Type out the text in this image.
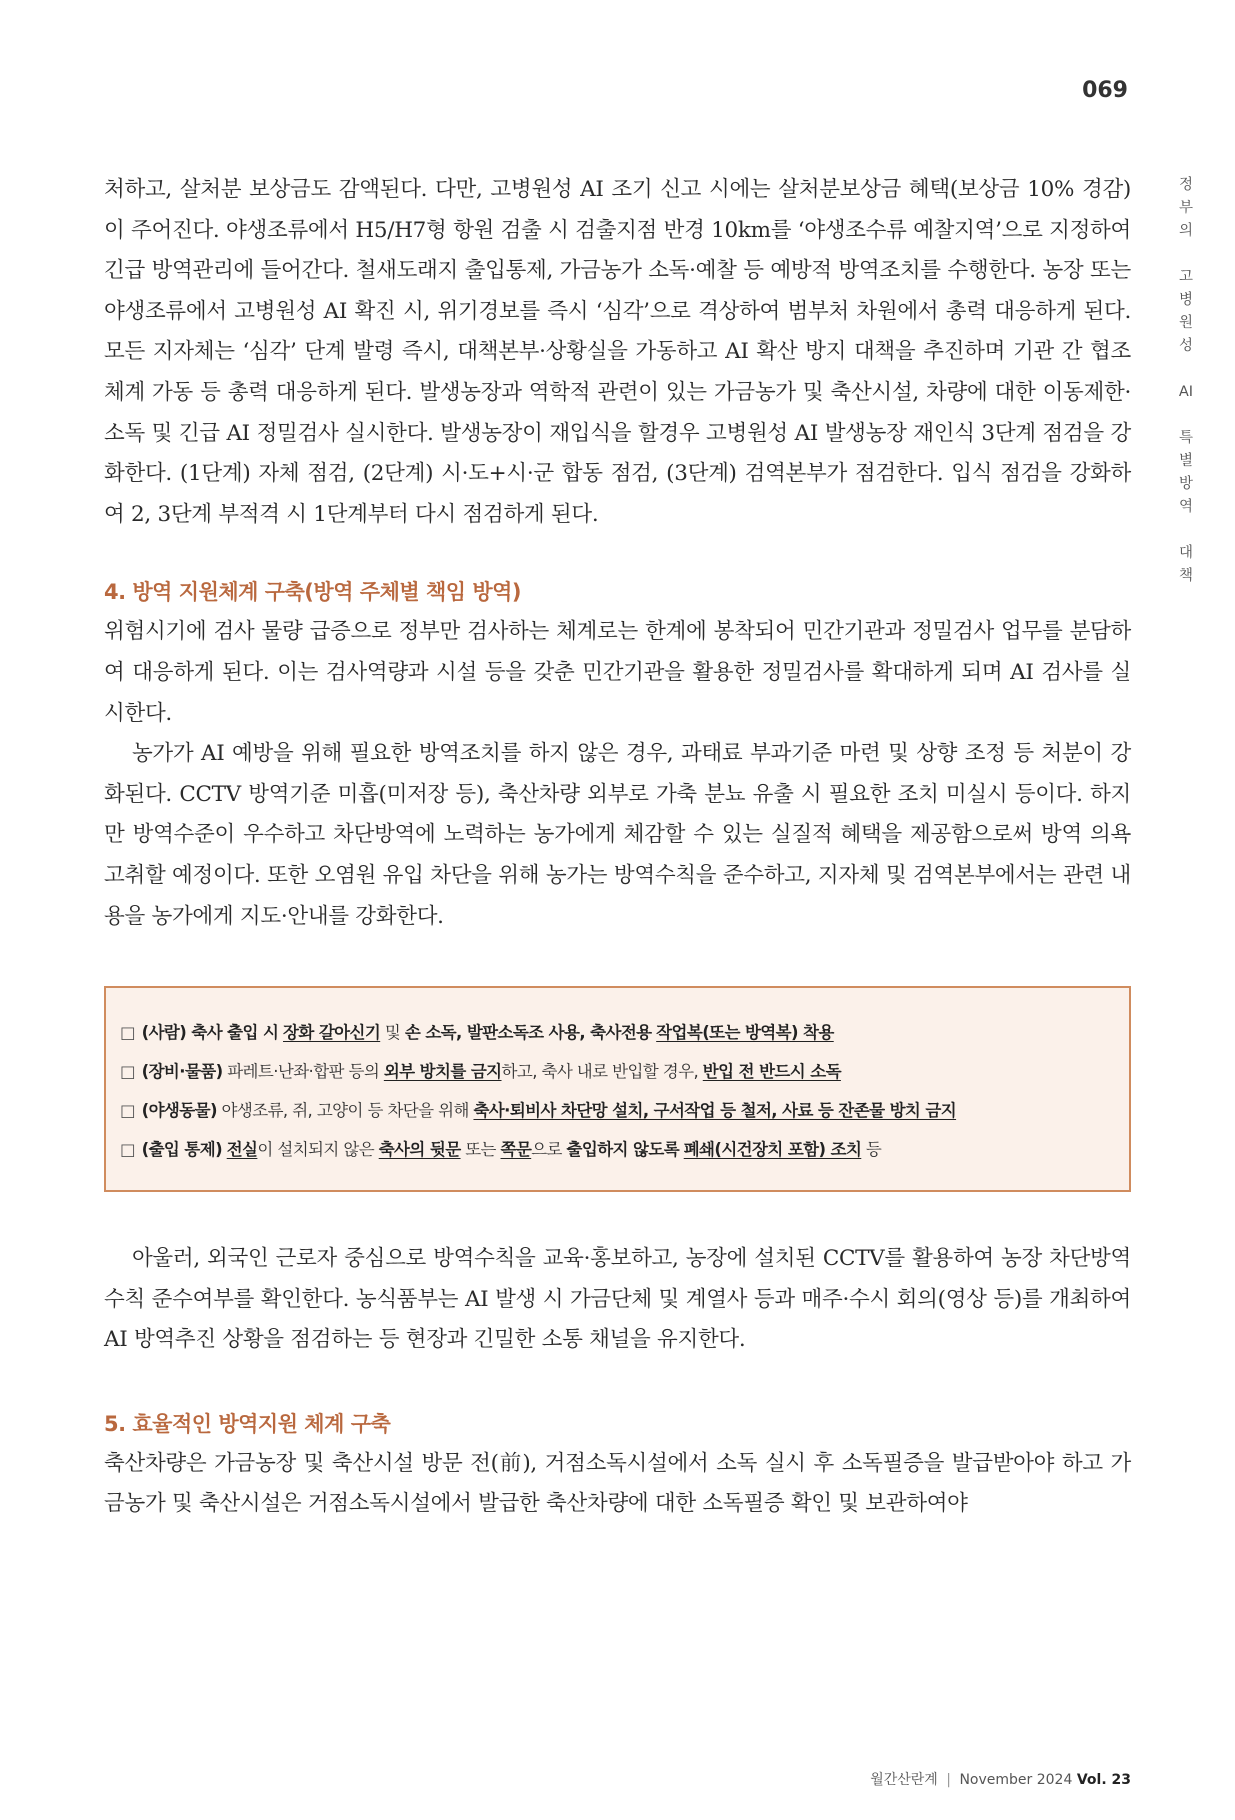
069
정
부
의

고
병
원
성

AI

특
별
방
역

대
책

처하고, 살처분 보상금도 감액된다. 다만, 고병원성 AI 조기 신고 시에는 살처분보상금 혜택(보상금 10% 경감)이 주어진다. 야생조류에서 H5/H7형 항원 검출 시 검출지점 반경 10km를 ‘야생조수류 예찰지역’으로 지정하여 긴급 방역관리에 들어간다. 철새도래지 출입통제, 가금농가 소독·예찰 등 예방적 방역조치를 수행한다. 농장 또는 야생조류에서 고병원성 AI 확진 시, 위기경보를 즉시 ‘심각’으로 격상하여 범부처 차원에서 총력 대응하게 된다. 모든 지자체는 ‘심각’ 단계 발령 즉시, 대책본부·상황실을 가동하고 AI 확산 방지 대책을 추진하며 기관 간 협조체계 가동 등 총력 대응하게 된다. 발생농장과 역학적 관련이 있는 가금농가 및 축산시설, 차량에 대한 이동제한·소독 및 긴급 AI 정밀검사 실시한다. 발생농장이 재입식을 할경우 고병원성 AI 발생농장 재인식 3단계 점검을 강화한다. (1단계) 자체 점검, (2단계) 시·도+시·군 합동 점검, (3단계) 검역본부가 점검한다. 입식 점검을 강화하여 2, 3단계 부적격 시 1단계부터 다시 점검하게 된다.

4. 방역 지원체계 구축(방역 주체별 책임 방역)

위험시기에 검사 물량 급증으로 정부만 검사하는 체계로는 한계에 봉착되어 민간기관과 정밀검사 업무를 분담하여 대응하게 된다. 이는 검사역량과 시설 등을 갖춘 민간기관을 활용한 정밀검사를 확대하게 되며 AI 검사를 실시한다.

농가가 AI 예방을 위해 필요한 방역조치를 하지 않은 경우, 과태료 부과기준 마련 및 상향 조정 등 처분이 강화된다. CCTV 방역기준 미흡(미저장 등), 축산차량 외부로 가축 분뇨 유출 시 필요한 조치 미실시 등이다. 하지만 방역수준이 우수하고 차단방역에 노력하는 농가에게 체감할 수 있는 실질적 혜택을 제공함으로써 방역 의욕 고취할 예정이다. 또한 오염원 유입 차단을 위해 농가는 방역수칙을 준수하고, 지자체 및 검역본부에서는 관련 내용을 농가에게 지도·안내를 강화한다.

□ (사람) 축사 출입 시 장화 갈아신기 및 손 소독, 발판소독조 사용, 축사전용 작업복(또는 방역복) 착용
□ (장비·물품) 파레트·난좌·합판 등의 외부 방치를 금지하고, 축사 내로 반입할 경우, 반입 전 반드시 소독
□ (야생동물) 야생조류, 쥐, 고양이 등 차단을 위해 축사·퇴비사 차단망 설치, 구서작업 등 철저, 사료 등 잔존물 방치 금지
□ (출입 통제) 전실이 설치되지 않은 축사의 뒷문 또는 쪽문으로 출입하지 않도록 폐쇄(시건장치 포함) 조치 등

아울러, 외국인 근로자 중심으로 방역수칙을 교육·홍보하고, 농장에 설치된 CCTV를 활용하여 농장 차단방역 수칙 준수여부를 확인한다. 농식품부는 AI 발생 시 가금단체 및 계열사 등과 매주·수시 회의(영상 등)를 개최하여 AI 방역추진 상황을 점검하는 등 현장과 긴밀한 소통 채널을 유지한다.

5. 효율적인 방역지원 체계 구축

축산차량은 가금농장 및 축산시설 방문 전(前), 거점소독시설에서 소독 실시 후 소독필증을 발급받아야 하고 가금농가 및 축산시설은 거점소독시설에서 발급한 축산차량에 대한 소독필증 확인 및 보관하여야

월간산란계 | November 2024 Vol. 23
